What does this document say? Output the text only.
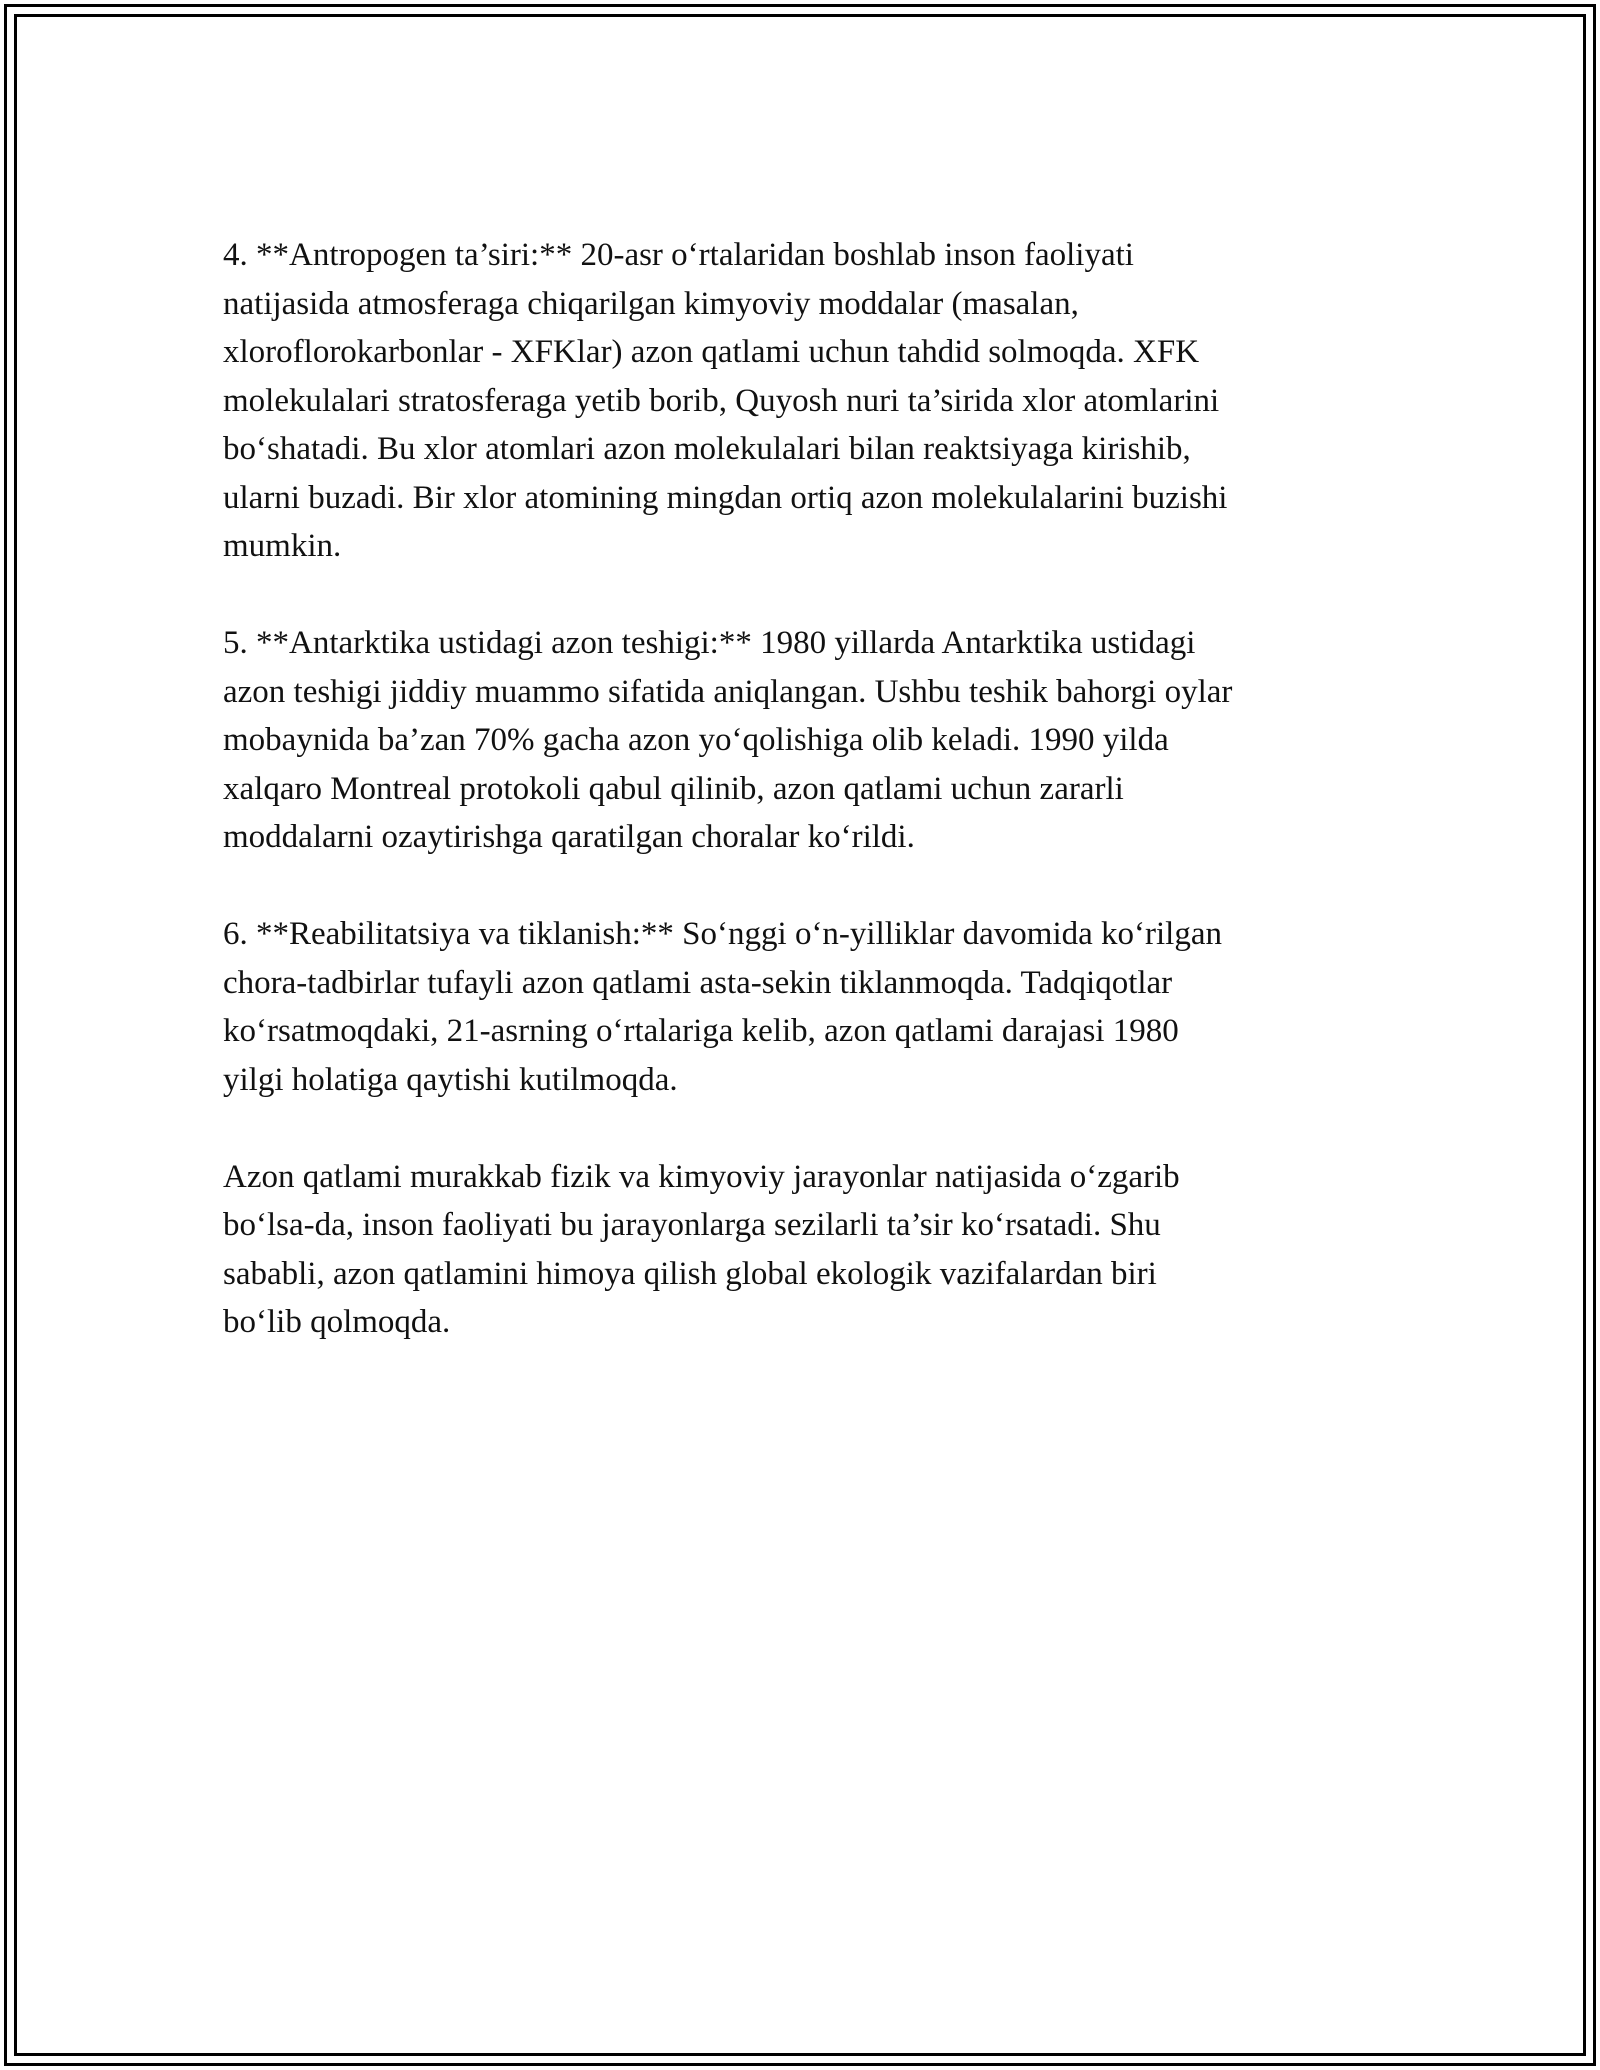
4. **Antropogen ta’siri:** 20-asr oʻrtalaridan boshlab inson faoliyati
natijasida atmosferaga chiqarilgan kimyoviy moddalar (masalan,
xloroflorokarbonlar - XFKlar) azon qatlami uchun tahdid solmoqda. XFK
molekulalari stratosferaga yetib borib, Quyosh nuri ta’sirida xlor atomlarini
boʻshatadi. Bu xlor atomlari azon molekulalari bilan reaktsiyaga kirishib,
ularni buzadi. Bir xlor atomining mingdan ortiq azon molekulalarini buzishi
mumkin.

5. **Antarktika ustidagi azon teshigi:** 1980 yillarda Antarktika ustidagi
azon teshigi jiddiy muammo sifatida aniqlangan. Ushbu teshik bahorgi oylar
mobaynida ba’zan 70% gacha azon yoʻqolishiga olib keladi. 1990 yilda
xalqaro Montreal protokoli qabul qilinib, azon qatlami uchun zararli
moddalarni ozaytirishga qaratilgan choralar koʻrildi.

6. **Reabilitatsiya va tiklanish:** Soʻnggi oʻn-yilliklar davomida koʻrilgan
chora-tadbirlar tufayli azon qatlami asta-sekin tiklanmoqda. Tadqiqotlar
koʻrsatmoqdaki, 21-asrning oʻrtalariga kelib, azon qatlami darajasi 1980
yilgi holatiga qaytishi kutilmoqda.

Azon qatlami murakkab fizik va kimyoviy jarayonlar natijasida oʻzgarib
boʻlsa-da, inson faoliyati bu jarayonlarga sezilarli ta’sir koʻrsatadi. Shu
sababli, azon qatlamini himoya qilish global ekologik vazifalardan biri
boʻlib qolmoqda.
